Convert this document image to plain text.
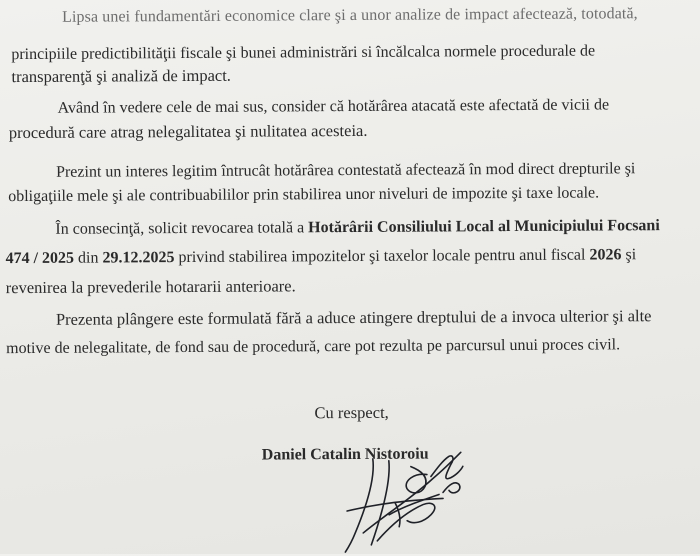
Lipsa unei fundamentări economice clare şi a unor analize de impact afectează, totodată,
principiile predictibilităţii fiscale şi bunei administrări si încălcalca normele procedurale de
transparenţă şi analiză de impact.
Având în vedere cele de mai sus, consider că hotărârea atacată este afectată de vicii de
procedură care atrag nelegalitatea şi nulitatea acesteia.
Prezint un interes legitim întrucât hotărârea contestată afectează în mod direct drepturile şi
obligaţiile mele şi ale contribuabililor prin stabilirea unor niveluri de impozite şi taxe locale.
În consecinţă, solicit revocarea totală a Hotărârii Consiliului Local al Municipiului Focsani
474 / 2025 din 29.12.2025 privind stabilirea impozitelor şi taxelor locale pentru anul fiscal 2026 şi
revenirea la prevederile hotararii anterioare.
Prezenta plângere este formulată fără a aduce atingere dreptului de a invoca ulterior şi alte
motive de nelegalitate, de fond sau de procedură, care pot rezulta pe parcursul unui proces civil.
Cu respect,
Daniel Catalin Nistoroiu
